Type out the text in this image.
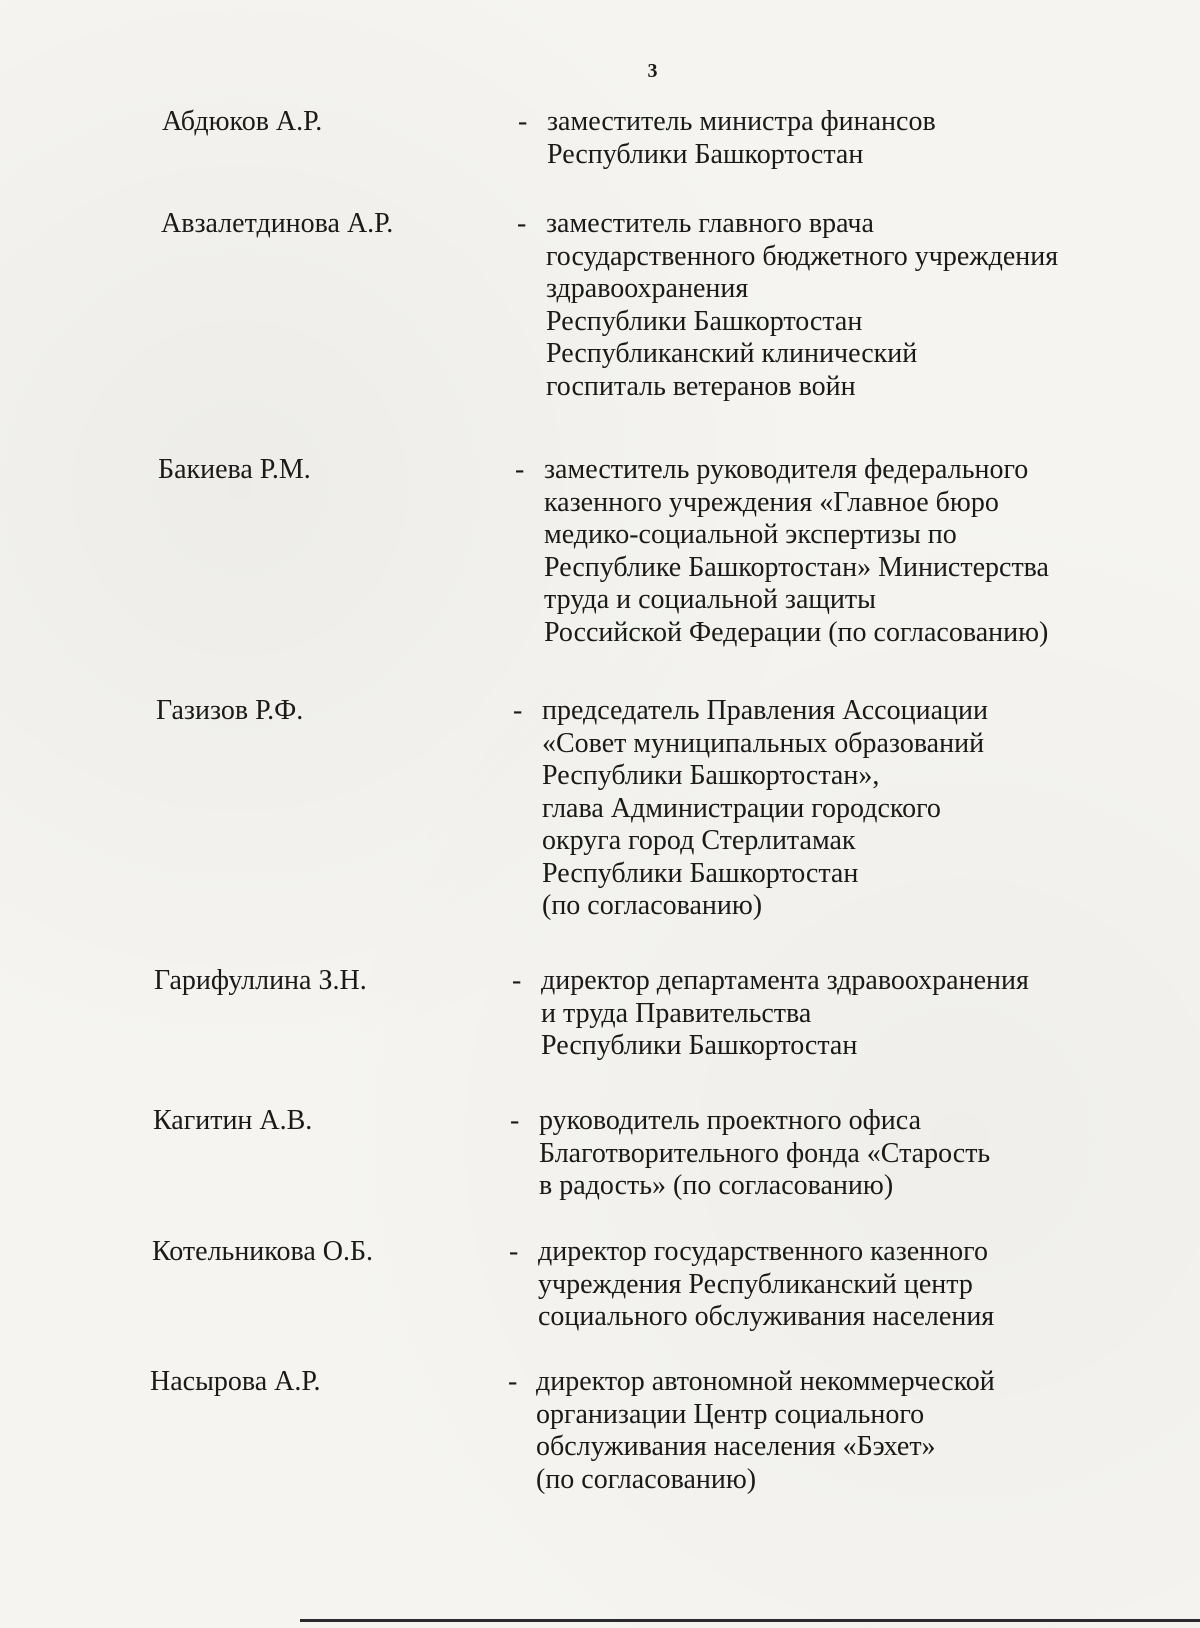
3
Абдюков А.Р.	- заместитель министра финансов
Республики Башкортостан
Авзалетдинова А.Р.	- заместитель главного врача
государственного бюджетного учреждения
здравоохранения
Республики Башкортостан
Республиканский клинический
госпиталь ветеранов войн
Бакиева Р.М.	- заместитель руководителя федерального
казенного учреждения «Главное бюро
медико-социальной экспертизы по
Республике Башкортостан» Министерства
труда и социальной защиты
Российской Федерации (по согласованию)
Газизов Р.Ф.	- председатель Правления Ассоциации
«Совет муниципальных образований
Республики Башкортостан»,
глава Администрации городского
округа город Стерлитамак
Республики Башкортостан
(по согласованию)
Гарифуллина З.Н.	- директор департамента здравоохранения
и труда Правительства
Республики Башкортостан
Кагитин А.В.	- руководитель проектного офиса
Благотворительного фонда «Старость
в радость» (по согласованию)
Котельникова О.Б.	- директор государственного казенного
учреждения Республиканский центр
социального обслуживания населения
Насырова А.Р.	- директор автономной некоммерческой
организации Центр социального
обслуживания населения «Бэхет»
(по согласованию)
